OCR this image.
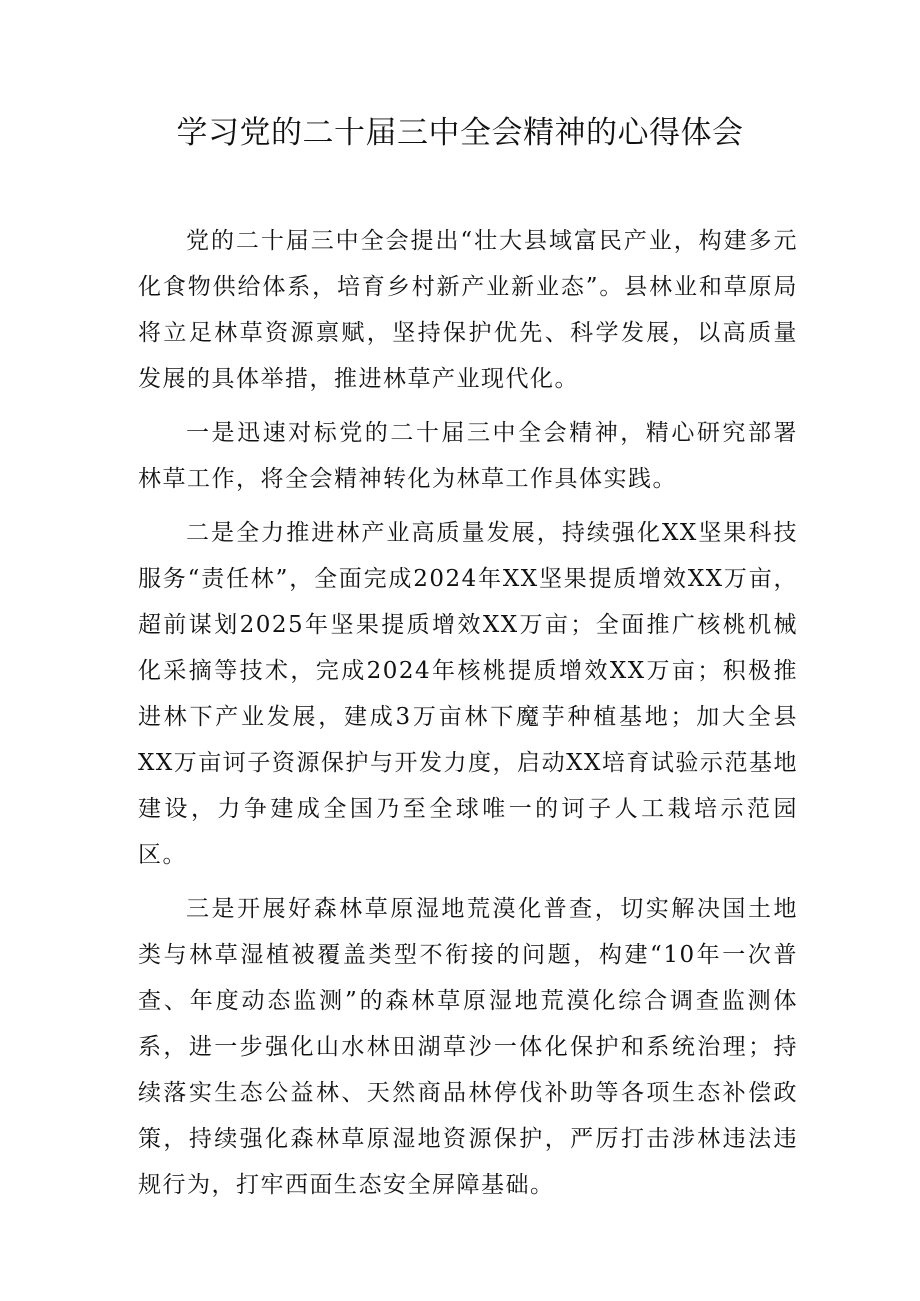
学习党的二十届三中全会精神的心得体会

党的二十届三中全会提出“壮大县域富民产业，构建多元化食物供给体系，培育乡村新产业新业态”。县林业和草原局将立足林草资源禀赋，坚持保护优先、科学发展，以高质量发展的具体举措，推进林草产业现代化。

一是迅速对标党的二十届三中全会精神，精心研究部署林草工作，将全会精神转化为林草工作具体实践。

二是全力推进林产业高质量发展，持续强化XX坚果科技服务“责任林”，全面完成2024年XX坚果提质增效XX万亩，超前谋划2025年坚果提质增效XX万亩；全面推广核桃机械化采摘等技术，完成2024年核桃提质增效XX万亩；积极推进林下产业发展，建成3万亩林下魔芋种植基地；加大全县XX万亩诃子资源保护与开发力度，启动XX培育试验示范基地建设，力争建成全国乃至全球唯一的诃子人工栽培示范园区。

三是开展好森林草原湿地荒漠化普查，切实解决国土地类与林草湿植被覆盖类型不衔接的问题，构建“10年一次普查、年度动态监测”的森林草原湿地荒漠化综合调查监测体系，进一步强化山水林田湖草沙一体化保护和系统治理；持续落实生态公益林、天然商品林停伐补助等各项生态补偿政策，持续强化森林草原湿地资源保护，严厉打击涉林违法违规行为，打牢西面生态安全屏障基础。
